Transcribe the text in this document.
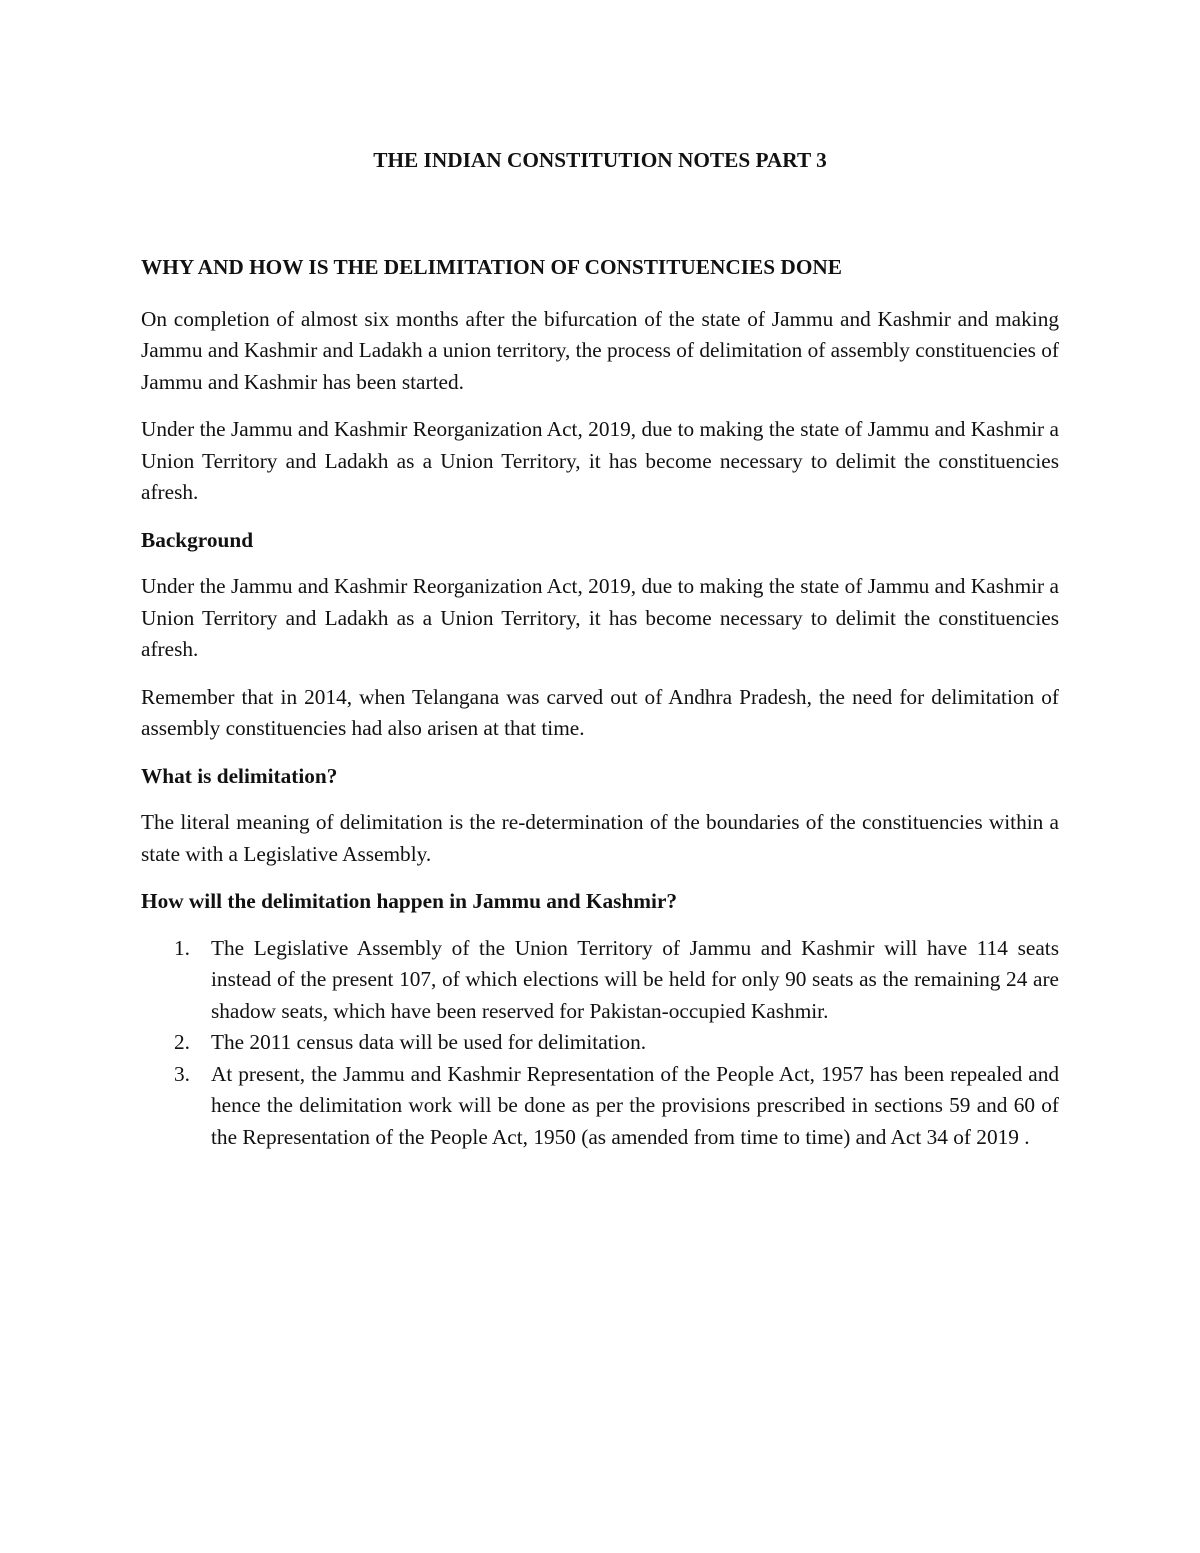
THE INDIAN CONSTITUTION NOTES PART 3
WHY AND HOW IS THE DELIMITATION OF CONSTITUENCIES DONE

On completion of almost six months after the bifurcation of the state of Jammu and Kashmir and making Jammu and Kashmir and Ladakh a union territory, the process of delimitation of assembly constituencies of Jammu and Kashmir has been started.

Under the Jammu and Kashmir Reorganization Act, 2019, due to making the state of Jammu and Kashmir a Union Territory and Ladakh as a Union Territory, it has become necessary to delimit the constituencies afresh.

Background

Under the Jammu and Kashmir Reorganization Act, 2019, due to making the state of Jammu and Kashmir a Union Territory and Ladakh as a Union Territory, it has become necessary to delimit the constituencies afresh.

Remember that in 2014, when Telangana was carved out of Andhra Pradesh, the need for delimitation of assembly constituencies had also arisen at that time.

What is delimitation?

The literal meaning of delimitation is the re-determination of the boundaries of the constituencies within a state with a Legislative Assembly.

How will the delimitation happen in Jammu and Kashmir?
1. The Legislative Assembly of the Union Territory of Jammu and Kashmir will have 114 seats instead of the present 107, of which elections will be held for only 90 seats as the remaining 24 are shadow seats, which have been reserved for Pakistan-occupied Kashmir.
2. The 2011 census data will be used for delimitation.
3. At present, the Jammu and Kashmir Representation of the People Act, 1957 has been repealed and hence the delimitation work will be done as per the provisions prescribed in sections 59 and 60 of the Representation of the People Act, 1950 (as amended from time to time) and Act 34 of 2019 .
